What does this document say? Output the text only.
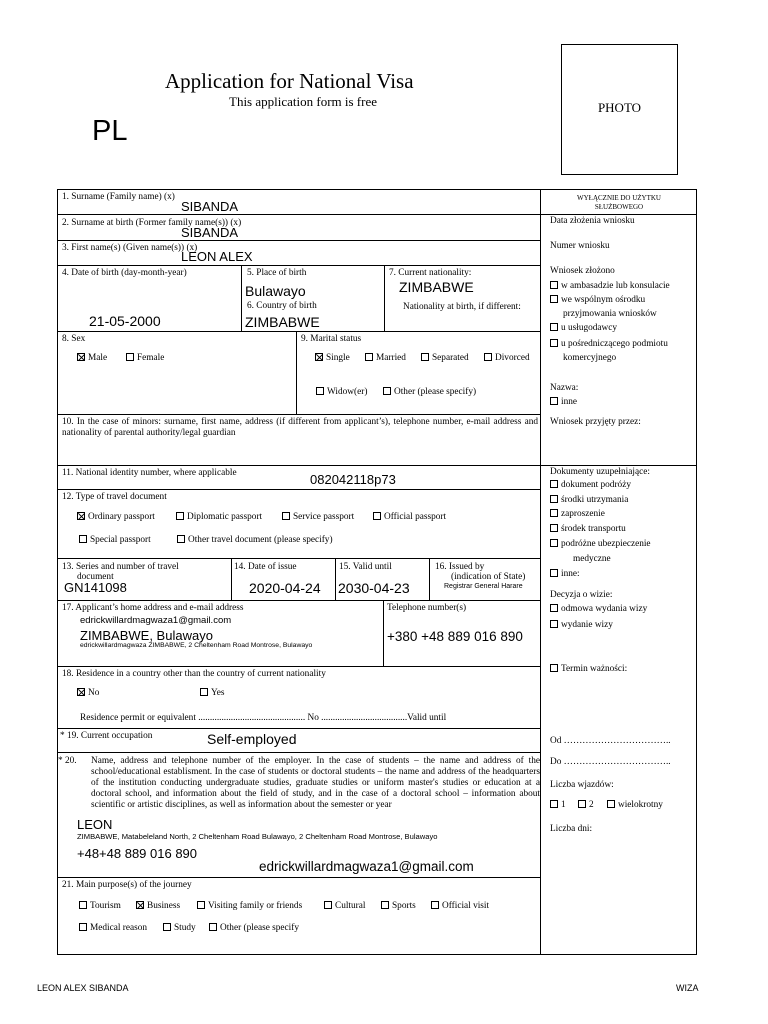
Application for National Visa
This application form is free
PL
PHOTO
1. Surname (Family name) (x)
SIBANDA
2. Surname at birth (Former family name(s)) (x)
SIBANDA
3. First name(s) (Given name(s)) (x)
LEON ALEX
4. Date of birth (day-month-year)
21-05-2000
5. Place of birth
Bulawayo
6. Country of birth
ZIMBABWE
7. Current nationality:
ZIMBABWE
Nationality at birth, if different:
8. Sex
Male	Female
9. Marital status
Single	Married	Separated	Divorced
Widow(er)	Other (please specify)
10. In the case of minors: surname, first name, address (if different from applicant’s), telephone number, e-mail address and nationality of parental authority/legal guardian
11. National identity number, where applicable	082042118p73
12. Type of travel document
Ordinary passport	Diplomatic passport	Service passport	Official passport
Special passport	Other travel document (please specify)
13. Series and number of travel
document
GN141098
14. Date of issue
2020-04-24
15. Valid until
2030-04-23
16. Issued by
(indication of State)
Registrar General Harare
17. Applicant’s home address and e-mail address
edrickwillardmagwaza1@gmail.com
ZIMBABWE, Bulawayo
edrickwillardmagwaza ZIMBABWE, 2 Cheltenham Road Montrose, Bulawayo
Telephone number(s)
+380 +48 889 016 890
18. Residence in a country other than the country of current nationality
No	Yes
Residence permit or equivalent .............................................. No .....................................Valid until
* 19. Current occupation	Self-employed
* 20. Name, address and telephone number of the employer. In the case of students – the name and address of the school/educational establisment. In the case of students or doctoral students – the name and address of the headquarters of the institution conducting undergraduate studies, graduate studies or uniform master's studies or education at a doctoral school, and information about the field of study, and in the case of a doctoral school – information about scientific or artistic disciplines, as well as information about the semester or year
LEON
ZIMBABWE, Matabeleland North, 2 Cheltenham Road Bulawayo, 2 Cheltenham Road Montrose, Bulawayo
+48+48 889 016 890
edrickwillardmagwaza1@gmail.com
21. Main purpose(s) of the journey
Tourism	Business	Visiting family or friends	Cultural	Sports	Official visit
Medical reason	Study	Other (please specify
WYŁĄCZNIE DO UŻYTKU
SŁUŻBOWEGO
Data złożenia wniosku
Numer wniosku
Wniosek złożono
w ambasadzie lub konsulacie
we wspólnym ośrodku
przyjmowania wniosków
u usługodawcy
u pośredniczącego podmiotu
komercyjnego
Nazwa:
inne
Wniosek przyjęty przez:
Dokumenty uzupełniające:
dokument podróży
środki utrzymania
zaproszenie
środek transportu
podróżne ubezpieczenie
medyczne
inne:
Decyzja o wizie:
odmowa wydania wizy
wydanie wizy
Termin ważności:
Od ……………………………..
Do ……………………………..
Liczba wjazdów:
1	2	wielokrotny
Liczba dni:
LEON ALEX SIBANDA	WIZA
